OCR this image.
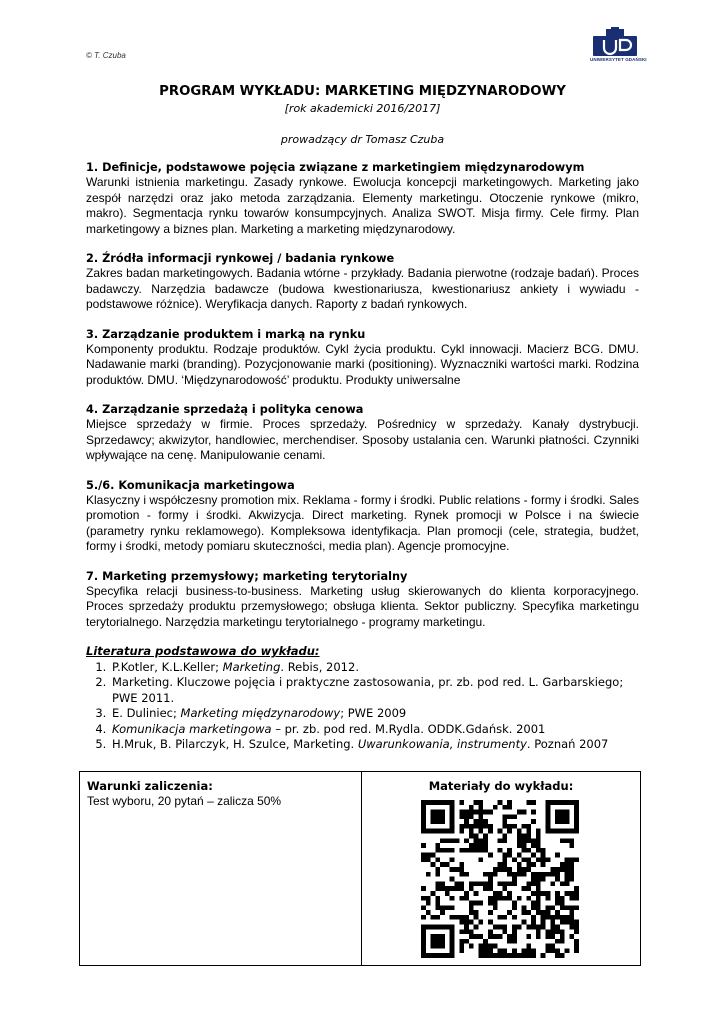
© T. Czuba	UNIWERSYTET GDAŃSKI
PROGRAM WYKŁADU: MARKETING MIĘDZYNARODOWY
[rok akademicki 2016/2017]
prowadzący dr Tomasz Czuba
1. Definicje, podstawowe pojęcia związane z marketingiem międzynarodowym
Warunki istnienia marketingu. Zasady rynkowe. Ewolucja koncepcji marketingowych. Marketing jako zespół narzędzi oraz jako metoda zarządzania. Elementy marketingu. Otoczenie rynkowe (mikro, makro). Segmentacja rynku towarów konsumpcyjnych. Analiza SWOT. Misja firmy. Cele firmy. Plan marketingowy a biznes plan. Marketing a marketing międzynarodowy.
2. Źródła informacji rynkowej / badania rynkowe
Zakres badan marketingowych. Badania wtórne - przykłady. Badania pierwotne (rodzaje badań). Proces badawczy. Narzędzia badawcze (budowa kwestionariusza, kwestionariusz ankiety i wywiadu - podstawowe różnice). Weryfikacja danych. Raporty z badań rynkowych.
3. Zarządzanie produktem i marką na rynku
Komponenty produktu. Rodzaje produktów. Cykl życia produktu. Cykl innowacji. Macierz BCG. DMU. Nadawanie marki (branding). Pozycjonowanie marki (positioning). Wyznaczniki wartości marki. Rodzina produktów. DMU. ‘Międzynarodowość’ produktu. Produkty uniwersalne
4. Zarządzanie sprzedażą i polityka cenowa
Miejsce sprzedaży w firmie. Proces sprzedaży. Pośrednicy w sprzedaży. Kanały dystrybucji. Sprzedawcy; akwizytor, handlowiec, merchendiser. Sposoby ustalania cen. Warunki płatności. Czynniki wpływające na cenę. Manipulowanie cenami.
5./6. Komunikacja marketingowa
Klasyczny i współczesny promotion mix. Reklama - formy i środki. Public relations - formy i środki. Sales promotion - formy i środki. Akwizycja. Direct marketing. Rynek promocji w Polsce i na świecie (parametry rynku reklamowego). Kompleksowa identyfikacja. Plan promocji (cele, strategia, budżet, formy i środki, metody pomiaru skuteczności, media plan). Agencje promocyjne.
7. Marketing przemysłowy; marketing terytorialny
Specyfika relacji business-to-business. Marketing usług skierowanych do klienta korporacyjnego. Proces sprzedaży produktu przemysłowego; obsługa klienta. Sektor publiczny. Specyfika marketingu terytorialnego. Narzędzia marketingu terytorialnego - programy marketingu.
Literatura podstawowa do wykładu:
1. P.Kotler, K.L.Keller; Marketing. Rebis, 2012.
2. Marketing. Kluczowe pojęcia i praktyczne zastosowania, pr. zb. pod red. L. Garbarskiego; PWE 2011.
3. E. Duliniec; Marketing międzynarodowy; PWE 2009
4. Komunikacja marketingowa – pr. zb. pod red. M.Rydla. ODDK.Gdańsk. 2001
5. H.Mruk, B. Pilarczyk, H. Szulce, Marketing. Uwarunkowania, instrumenty. Poznań 2007
Warunki zaliczenia:
Test wyboru, 20 pytań – zalicza 50%
Materiały do wykładu:
